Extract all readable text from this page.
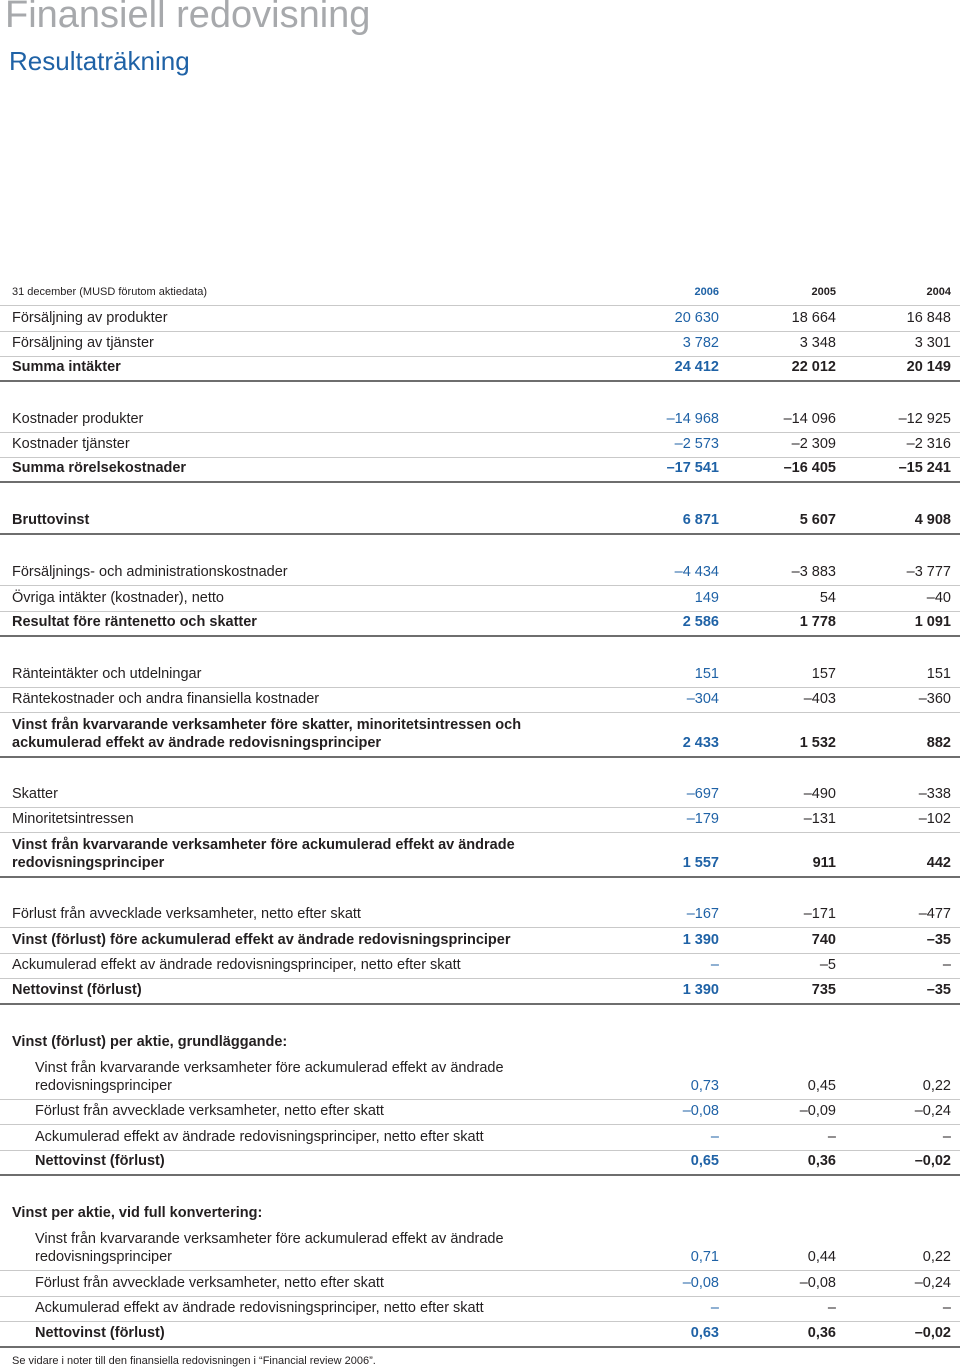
Finansiell redovisning
Resultaträkning
31 december (MUSD förutom aktiedata)	2006	2005	2004
Försäljning av produkter	20 630	18 664	16 848
Försäljning av tjänster	3 782	3 348	3 301
Summa intäkter	24 412	22 012	20 149
Kostnader produkter	–14 968	–14 096	–12 925
Kostnader tjänster	–2 573	–2 309	–2 316
Summa rörelsekostnader	–17 541	–16 405	–15 241
Bruttovinst	6 871	5 607	4 908
Försäljnings- och administrationskostnader	–4 434	–3 883	–3 777
Övriga intäkter (kostnader), netto	149	54	–40
Resultat före räntenetto och skatter	2 586	1 778	1 091
Ränteintäkter och utdelningar	151	157	151
Räntekostnader och andra finansiella kostnader	–304	–403	–360
Vinst från kvarvarande verksamheter före skatter, minoritetsintressen och
ackumulerad effekt av ändrade redovisningsprinciper	2 433	1 532	882
Skatter	–697	–490	–338
Minoritetsintressen	–179	–131	–102
Vinst från kvarvarande verksamheter före ackumulerad effekt av ändrade
redovisningsprinciper	1 557	911	442
Förlust från avvecklade verksamheter, netto efter skatt	–167	–171	–477
Vinst (förlust) före ackumulerad effekt av ändrade redovisningsprinciper	1 390	740	–35
Ackumulerad effekt av ändrade redovisningsprinciper, netto efter skatt	–	–5	–
Nettovinst (förlust)	1 390	735	–35
Vinst (förlust) per aktie, grundläggande:
Vinst från kvarvarande verksamheter före ackumulerad effekt av ändrade
redovisningsprinciper	0,73	0,45	0,22
Förlust från avvecklade verksamheter, netto efter skatt	–0,08	–0,09	–0,24
Ackumulerad effekt av ändrade redovisningsprinciper, netto efter skatt	–	–	–
Nettovinst (förlust)	0,65	0,36	–0,02
Vinst per aktie, vid full konvertering:
Vinst från kvarvarande verksamheter före ackumulerad effekt av ändrade
redovisningsprinciper	0,71	0,44	0,22
Förlust från avvecklade verksamheter, netto efter skatt	–0,08	–0,08	–0,24
Ackumulerad effekt av ändrade redovisningsprinciper, netto efter skatt	–	–	–
Nettovinst (förlust)	0,63	0,36	–0,02
Se vidare i noter till den finansiella redovisningen i “Financial review 2006”.
